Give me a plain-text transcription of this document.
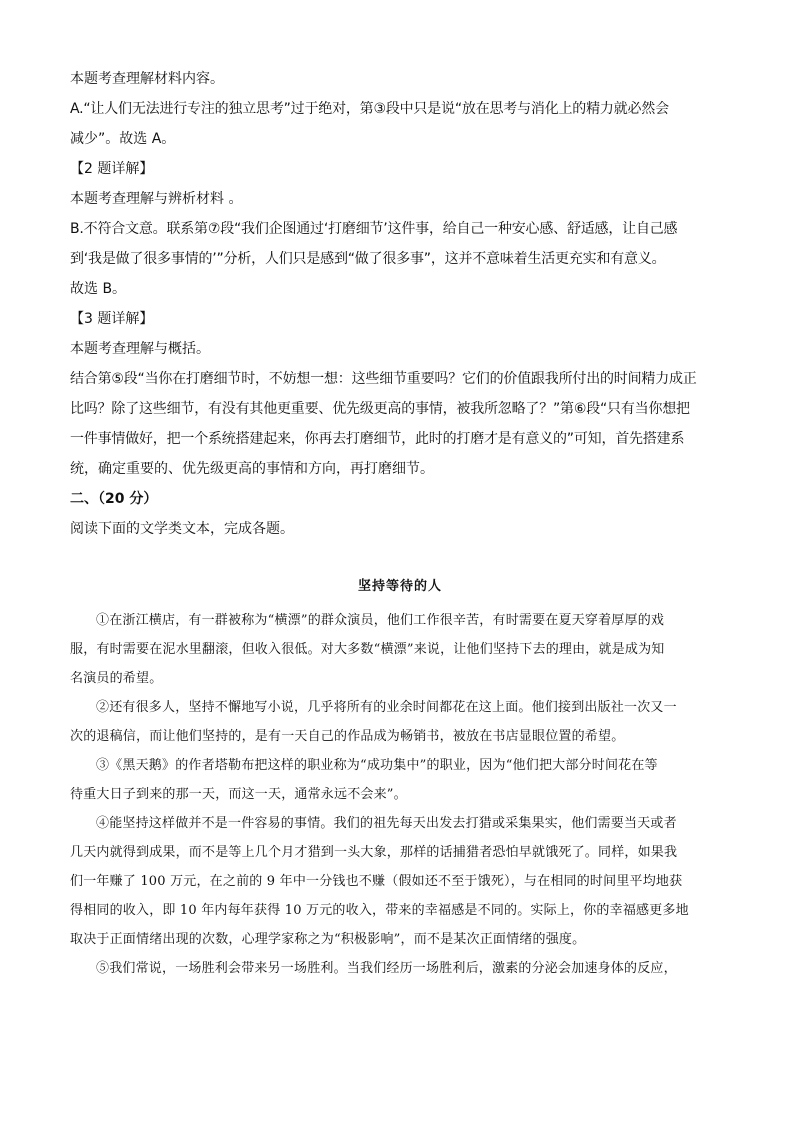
本题考查理解材料内容。

A.“让人们无法进行专注的独立思考”过于绝对，第③段中只是说“放在思考与消化上的精力就必然会

减少”。故选 A。

【2 题详解】

本题考查理解与辨析材料 。

B.不符合文意。联系第⑦段“我们企图通过‘打磨细节’这件事，给自己一种安心感、舒适感，让自己感

到‘我是做了很多事情的’”分析，人们只是感到“做了很多事”，这并不意味着生活更充实和有意义。

故选 B。

【3 题详解】

本题考查理解与概括。

结合第⑤段“当你在打磨细节时，不妨想一想：这些细节重要吗？它们的价值跟我所付出的时间精力成正

比吗？除了这些细节，有没有其他更重要、优先级更高的事情，被我所忽略了？”第⑥段“只有当你想把

一件事情做好，把一个系统搭建起来，你再去打磨细节，此时的打磨才是有意义的”可知，首先搭建系

统，确定重要的、优先级更高的事情和方向，再打磨细节。

二、（20 分）

阅读下面的文学类文本，完成各题。

坚持等待的人

①在浙江横店，有一群被称为“横漂”的群众演员，他们工作很辛苦，有时需要在夏天穿着厚厚的戏

服，有时需要在泥水里翻滚，但收入很低。对大多数“横漂”来说，让他们坚持下去的理由，就是成为知

名演员的希望。

②还有很多人，坚持不懈地写小说，几乎将所有的业余时间都花在这上面。他们接到出版社一次又一

次的退稿信，而让他们坚持的，是有一天自己的作品成为畅销书，被放在书店显眼位置的希望。

③《黑天鹅》的作者塔勒布把这样的职业称为“成功集中”的职业，因为“他们把大部分时间花在等

待重大日子到来的那一天，而这一天，通常永远不会来”。

④能坚持这样做并不是一件容易的事情。我们的祖先每天出发去打猎或采集果实，他们需要当天或者

几天内就得到成果，而不是等上几个月才猎到一头大象，那样的话捕猎者恐怕早就饿死了。同样，如果我

们一年赚了 100 万元，在之前的 9 年中一分钱也不赚（假如还不至于饿死），与在相同的时间里平均地获

得相同的收入，即 10 年内每年获得 10 万元的收入，带来的幸福感是不同的。实际上，你的幸福感更多地

取决于正面情绪出现的次数，心理学家称之为“积极影响”，而不是某次正面情绪的强度。

⑤我们常说，一场胜利会带来另一场胜利。当我们经历一场胜利后，激素的分泌会加速身体的反应，
